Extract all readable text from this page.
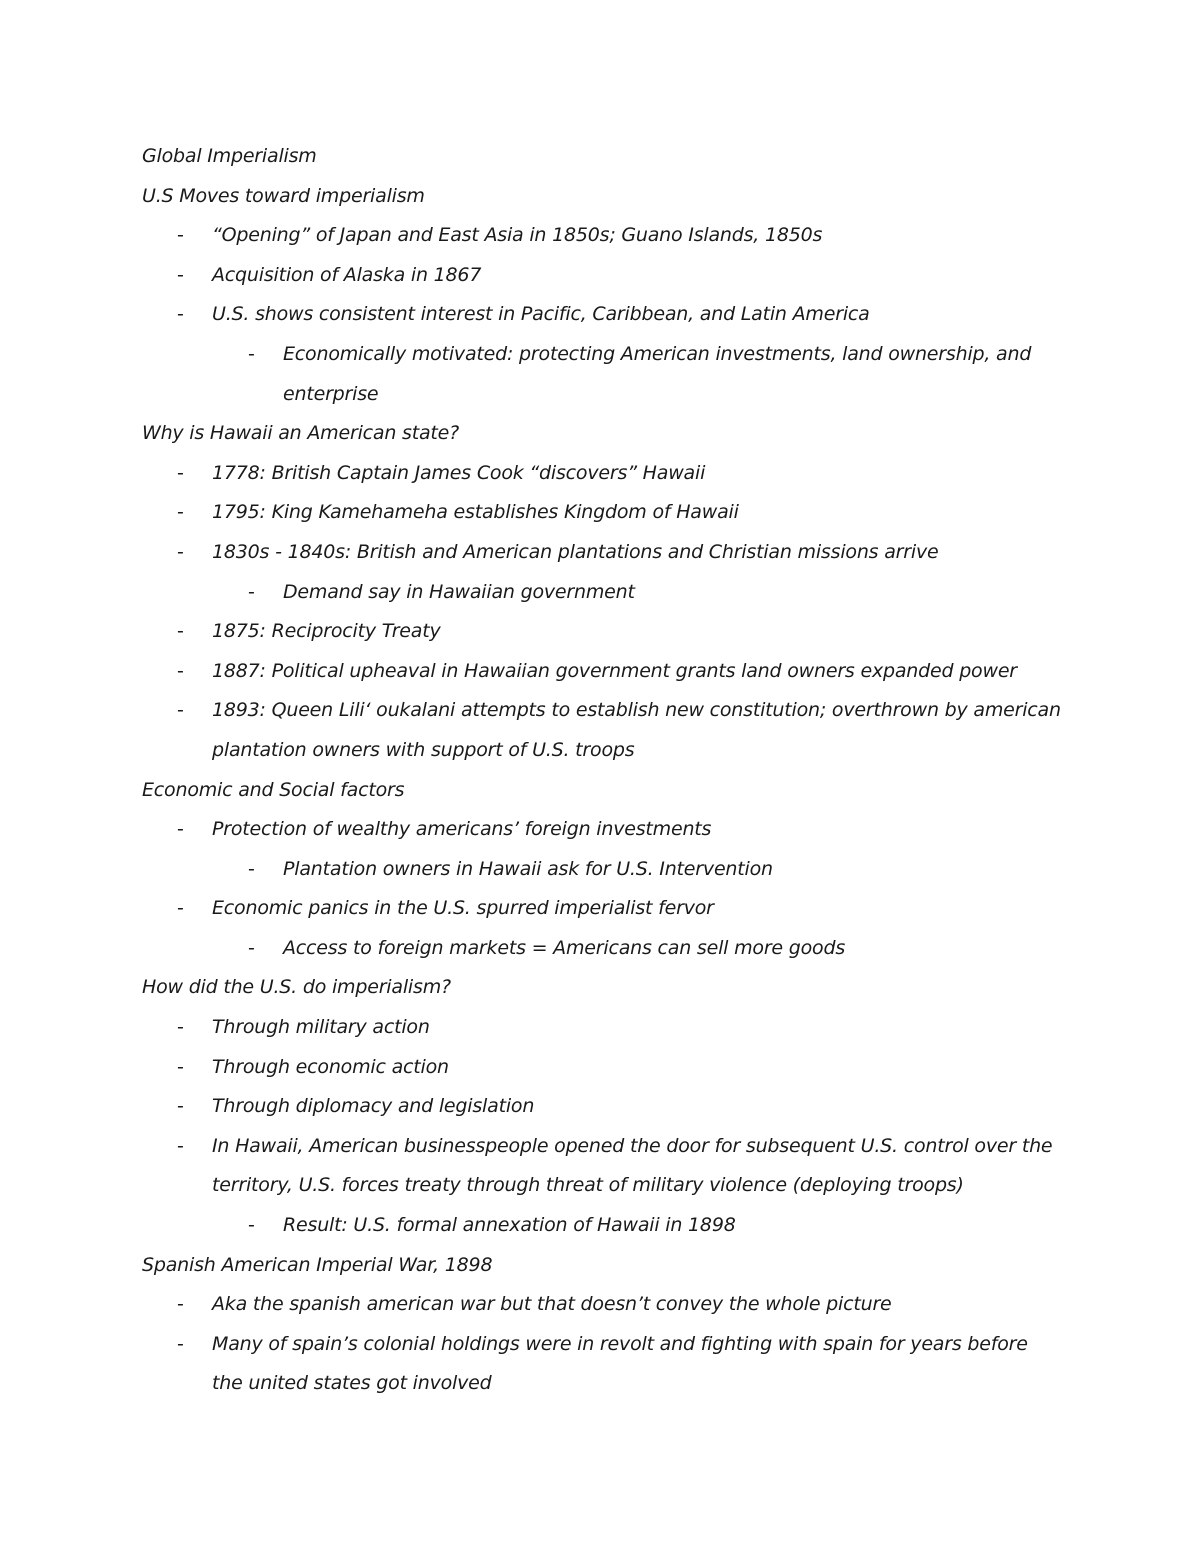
Global Imperialism
U.S Moves toward imperialism
- “Opening” of Japan and East Asia in 1850s; Guano Islands, 1850s
- Acquisition of Alaska in 1867
- U.S. shows consistent interest in Pacific, Caribbean, and Latin America
- Economically motivated: protecting American investments, land ownership, and
enterprise
Why is Hawaii an American state?
- 1778: British Captain James Cook “discovers” Hawaii
- 1795: King Kamehameha establishes Kingdom of Hawaii
- 1830s - 1840s: British and American plantations and Christian missions arrive
- Demand say in Hawaiian government
- 1875: Reciprocity Treaty
- 1887: Political upheaval in Hawaiian government grants land owners expanded power
- 1893: Queen Liliʻ oukalani attempts to establish new constitution; overthrown by american
plantation owners with support of U.S. troops
Economic and Social factors
- Protection of wealthy americans’ foreign investments
- Plantation owners in Hawaii ask for U.S. Intervention
- Economic panics in the U.S. spurred imperialist fervor
- Access to foreign markets = Americans can sell more goods
How did the U.S. do imperialism?
- Through military action
- Through economic action
- Through diplomacy and legislation
- In Hawaii, American businesspeople opened the door for subsequent U.S. control over the
territory, U.S. forces treaty through threat of military violence (deploying troops)
- Result: U.S. formal annexation of Hawaii in 1898
Spanish American Imperial War, 1898
- Aka the spanish american war but that doesn’t convey the whole picture
- Many of spain’s colonial holdings were in revolt and fighting with spain for years before
the united states got involved
